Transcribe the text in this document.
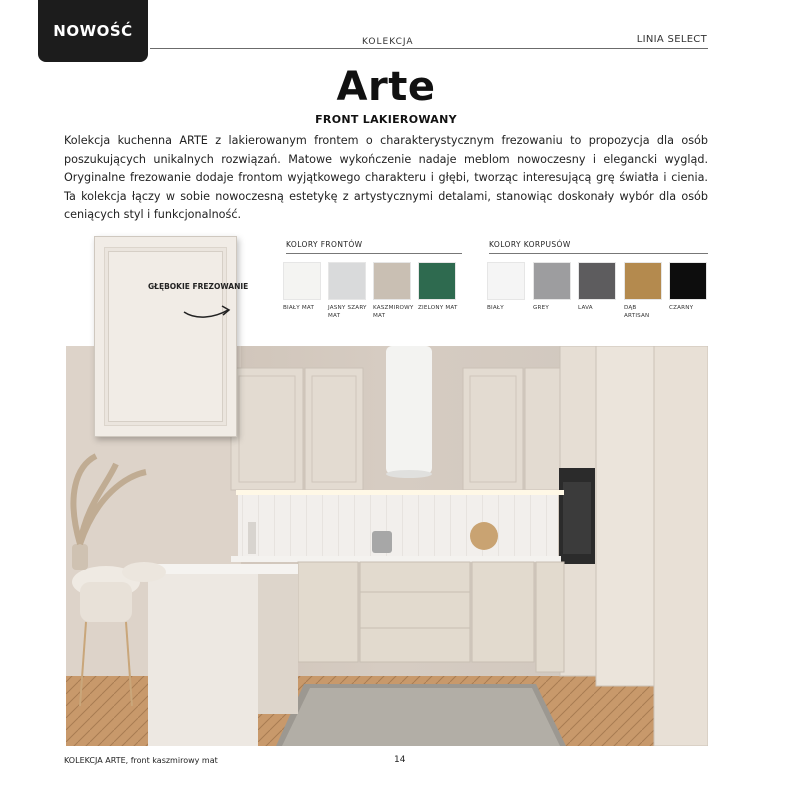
NOWOŚĆ
KOLEKCJA	LINIA SELECT
Arte
FRONT LAKIEROWANY

Kolekcja kuchenna ARTE z lakierowanym frontem o charakterystycznym frezowaniu to propozycja dla osób poszukujących unikalnych rozwiązań. Matowe wykończenie nadaje meblom nowoczesny i elegancki wygląd. Oryginalne frezowanie dodaje frontom wyjątkowego charakteru i głębi, tworząc interesującą grę światła i cienia. Ta kolekcja łączy w sobie nowoczesną estetykę z artystycznymi detalami, stanowiąc doskonały wybór dla osób ceniących styl i funkcjonalność.

KOLORY FRONTÓW	KOLORY KORPUSÓW
BIAŁY MAT	JASNY SZARY MAT
KASZMIROWY MAT
ZIELONY MAT	BIAŁY	GREY	LAVA	DĄB ARTISAN
CZARNY
GŁĘBOKIE FREZOWANIE
KOLEKCJA ARTE, front kaszmirowy mat	14
